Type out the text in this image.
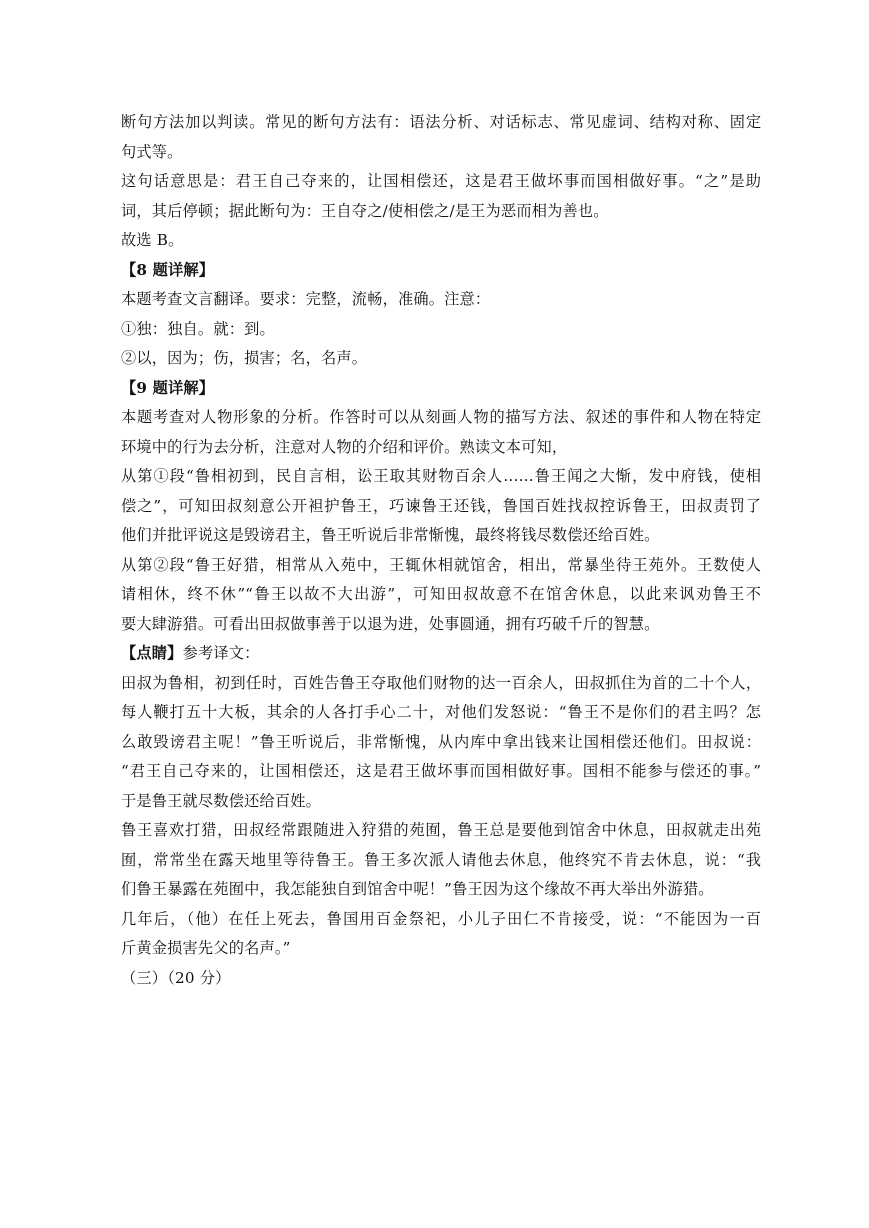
断句方法加以判读。常见的断句方法有：语法分析、对话标志、常见虚词、结构对称、固定
句式等。
这句话意思是：君王自己夺来的，让国相偿还，这是君王做坏事而国相做好事。“之”是助
词，其后停顿；据此断句为：王自夺之/使相偿之/是王为恶而相为善也。
故选 B。
【8 题详解】
本题考查文言翻译。要求：完整，流畅，准确。注意：
①独：独自。就：到。
②以，因为；伤，损害；名，名声。
【9 题详解】
本题考查对人物形象的分析。作答时可以从刻画人物的描写方法、叙述的事件和人物在特定
环境中的行为去分析，注意对人物的介绍和评价。熟读文本可知，
从第①段“鲁相初到，民自言相，讼王取其财物百余人……鲁王闻之大惭，发中府钱，使相
偿之”，可知田叔刻意公开袒护鲁王，巧谏鲁王还钱，鲁国百姓找叔控诉鲁王，田叔责罚了
他们并批评说这是毁谤君主，鲁王听说后非常惭愧，最终将钱尽数偿还给百姓。
从第②段“鲁王好猎，相常从入苑中，王辄休相就馆舍，相出，常暴坐待王苑外。王数使人
请相休，终不休”“鲁王以故不大出游”，可知田叔故意不在馆舍休息，以此来讽劝鲁王不
要大肆游猎。可看出田叔做事善于以退为进，处事圆通，拥有巧破千斤的智慧。
【点睛】参考译文：
田叔为鲁相，初到任时，百姓告鲁王夺取他们财物的达一百余人，田叔抓住为首的二十个人，
每人鞭打五十大板，其余的人各打手心二十，对他们发怒说：“鲁王不是你们的君主吗？怎
么敢毁谤君主呢！”鲁王听说后，非常惭愧，从内库中拿出钱来让国相偿还他们。田叔说：
“君王自己夺来的，让国相偿还，这是君王做坏事而国相做好事。国相不能参与偿还的事。”
于是鲁王就尽数偿还给百姓。
鲁王喜欢打猎，田叔经常跟随进入狩猎的苑囿，鲁王总是要他到馆舍中休息，田叔就走出苑
囿，常常坐在露天地里等待鲁王。鲁王多次派人请他去休息，他终究不肯去休息，说：“我
们鲁王暴露在苑囿中，我怎能独自到馆舍中呢！”鲁王因为这个缘故不再大举出外游猎。
几年后，（他）在任上死去，鲁国用百金祭祀，小儿子田仁不肯接受，说：“不能因为一百
斤黄金损害先父的名声。”
（三）（20 分）
